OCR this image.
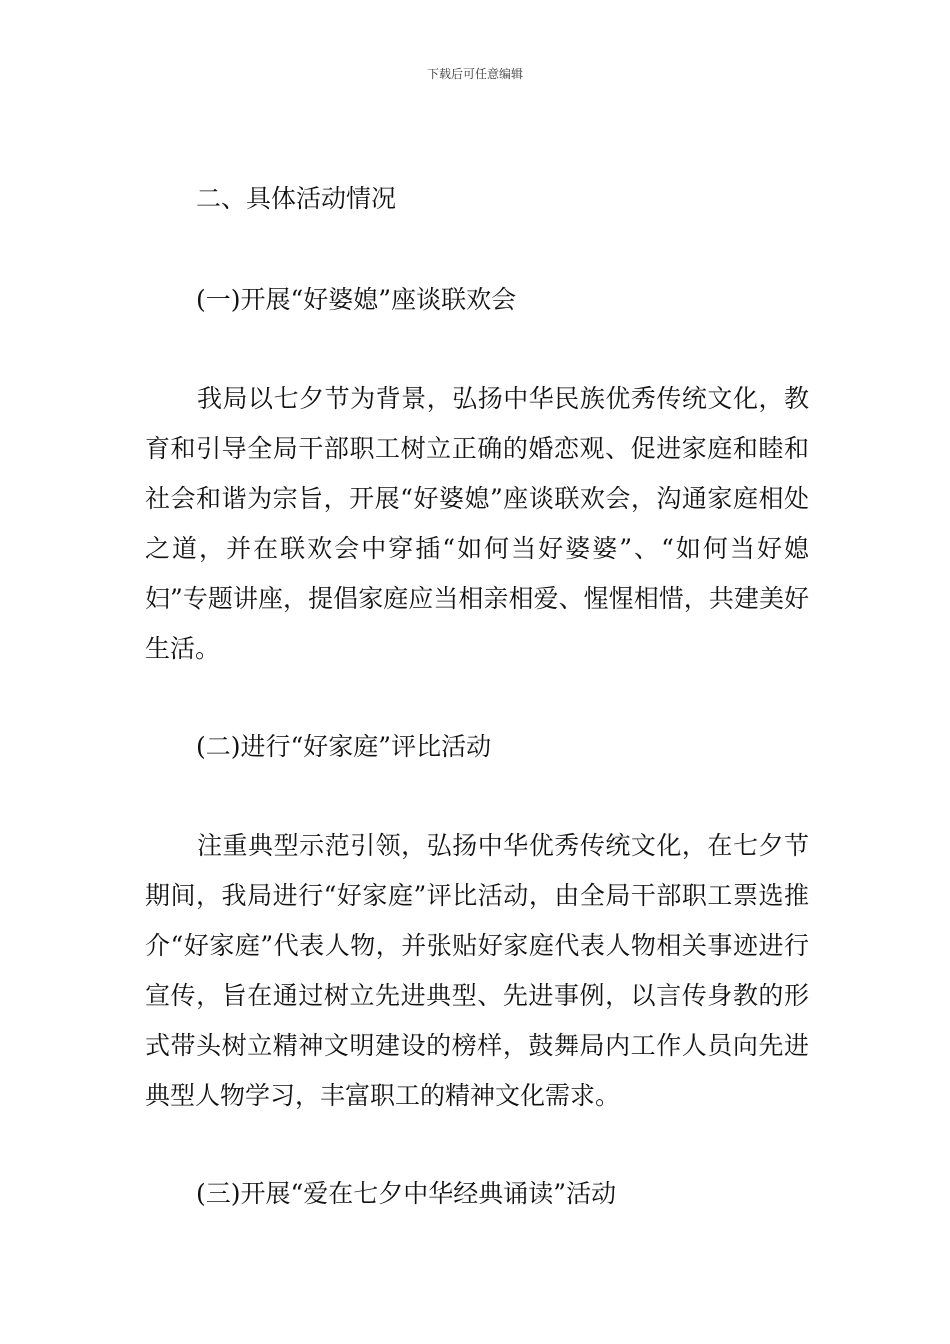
下载后可任意编辑
二、具体活动情况
(一)开展“好婆媳”座谈联欢会
我局以七夕节为背景，弘扬中华民族优秀传统文化，教育和引导全局干部职工树立正确的婚恋观、促进家庭和睦和社会和谐为宗旨，开展“好婆媳”座谈联欢会，沟通家庭相处之道，并在联欢会中穿插“如何当好婆婆”、“如何当好媳妇”专题讲座，提倡家庭应当相亲相爱、惺惺相惜，共建美好生活。
(二)进行“好家庭”评比活动
注重典型示范引领，弘扬中华优秀传统文化，在七夕节期间，我局进行“好家庭”评比活动，由全局干部职工票选推介“好家庭”代表人物，并张贴好家庭代表人物相关事迹进行宣传，旨在通过树立先进典型、先进事例，以言传身教的形式带头树立精神文明建设的榜样，鼓舞局内工作人员向先进典型人物学习，丰富职工的精神文化需求。
(三)开展“爱在七夕中华经典诵读”活动
